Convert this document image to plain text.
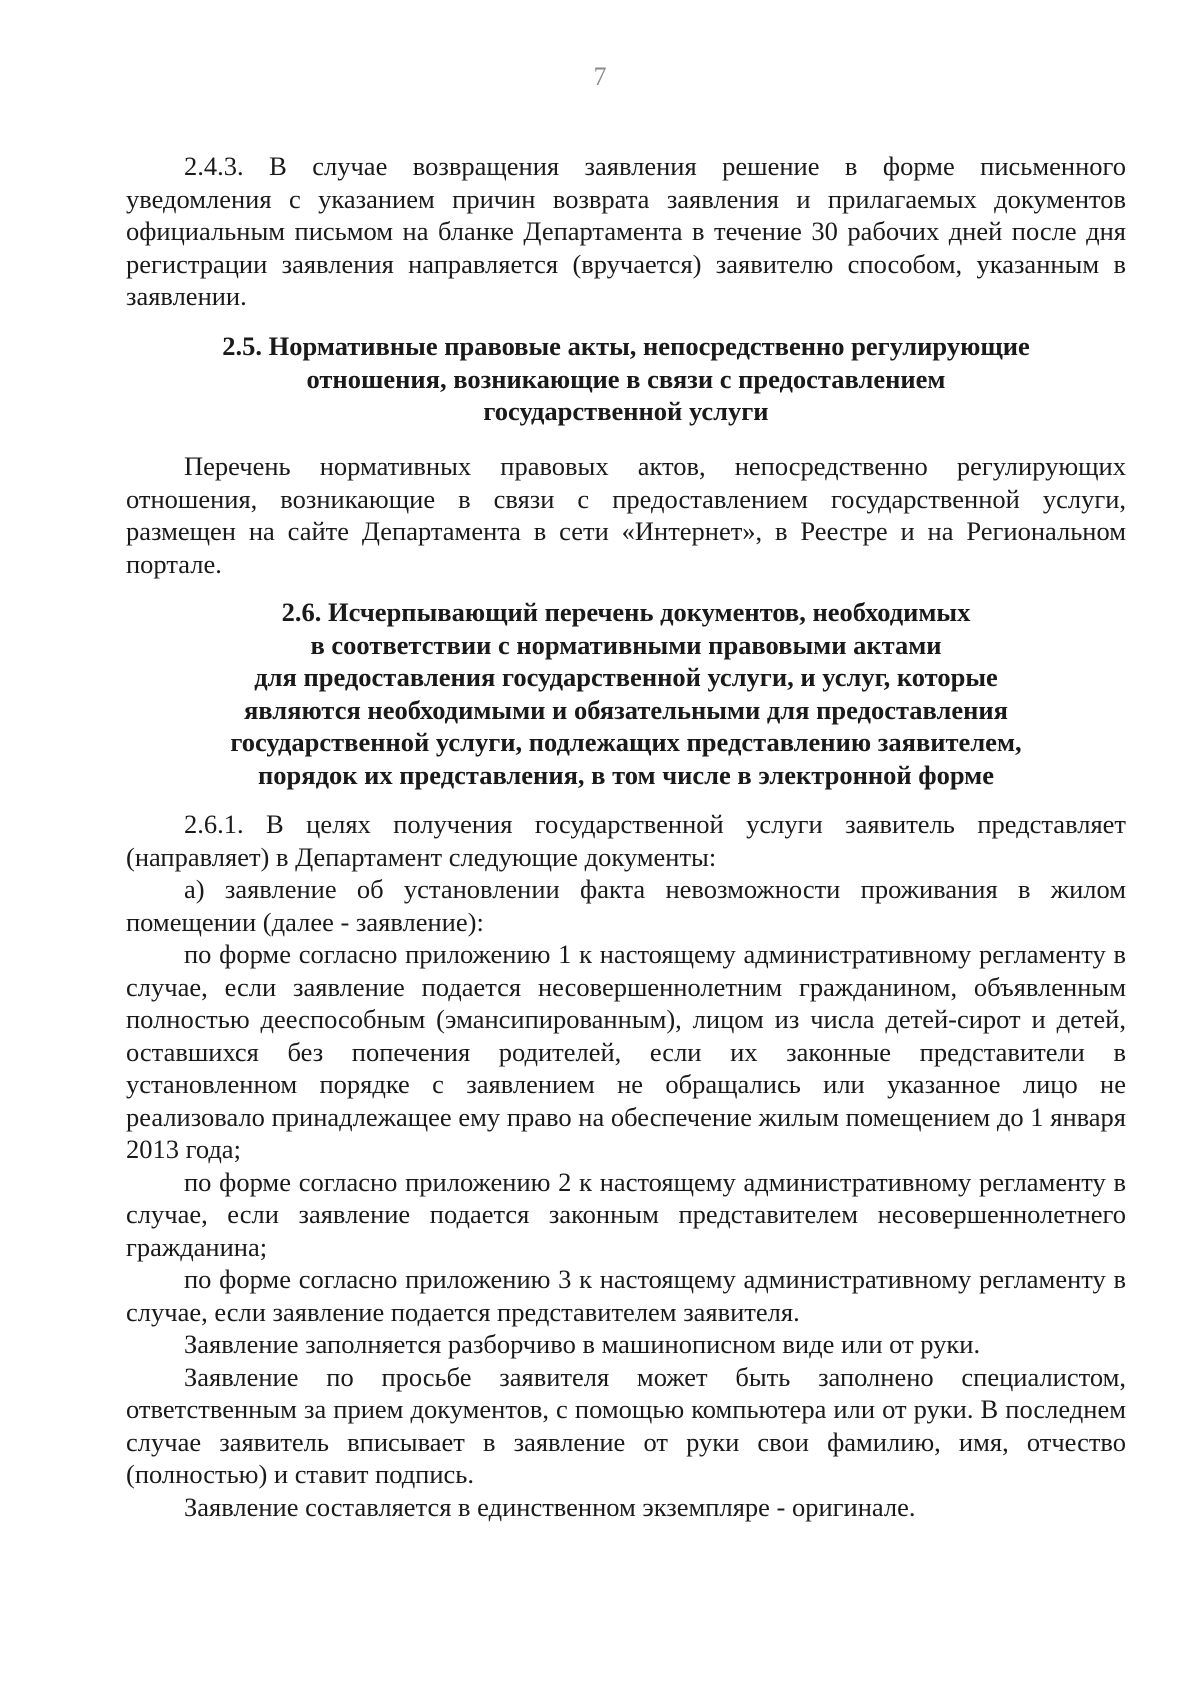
7

2.4.3. В случае возвращения заявления решение в форме письменного уведомления с указанием причин возврата заявления и прилагаемых документов официальным письмом на бланке Департамента в течение 30 рабочих дней после дня регистрации заявления направляется (вручается) заявителю способом, указанным в заявлении.

2.5. Нормативные правовые акты, непосредственно регулирующие
отношения, возникающие в связи с предоставлением
государственной услуги

Перечень нормативных правовых актов, непосредственно регулирующих отношения, возникающие в связи с предоставлением государственной услуги, размещен на сайте Департамента в сети «Интернет», в Реестре и на Региональном портале.

2.6. Исчерпывающий перечень документов, необходимых
в соответствии с нормативными правовыми актами
для предоставления государственной услуги, и услуг, которые
являются необходимыми и обязательными для предоставления
государственной услуги, подлежащих представлению заявителем,
порядок их представления, в том числе в электронной форме

2.6.1. В целях получения государственной услуги заявитель представляет (направляет) в Департамент следующие документы:

а) заявление об установлении факта невозможности проживания в жилом помещении (далее - заявление):

по форме согласно приложению 1 к настоящему административному регламенту в случае, если заявление подается несовершеннолетним гражданином, объявленным полностью дееспособным (эмансипированным), лицом из числа детей-сирот и детей, оставшихся без попечения родителей, если их законные представители в установленном порядке с заявлением не обращались или указанное лицо не реализовало принадлежащее ему право на обеспечение жилым помещением до 1 января 2013 года;

по форме согласно приложению 2 к настоящему административному регламенту в случае, если заявление подается законным представителем несовершеннолетнего гражданина;

по форме согласно приложению 3 к настоящему административному регламенту в случае, если заявление подается представителем заявителя.

Заявление заполняется разборчиво в машинописном виде или от руки.

Заявление по просьбе заявителя может быть заполнено специалистом, ответственным за прием документов, с помощью компьютера или от руки. В последнем случае заявитель вписывает в заявление от руки свои фамилию, имя, отчество (полностью) и ставит подпись.

Заявление составляется в единственном экземпляре - оригинале.
